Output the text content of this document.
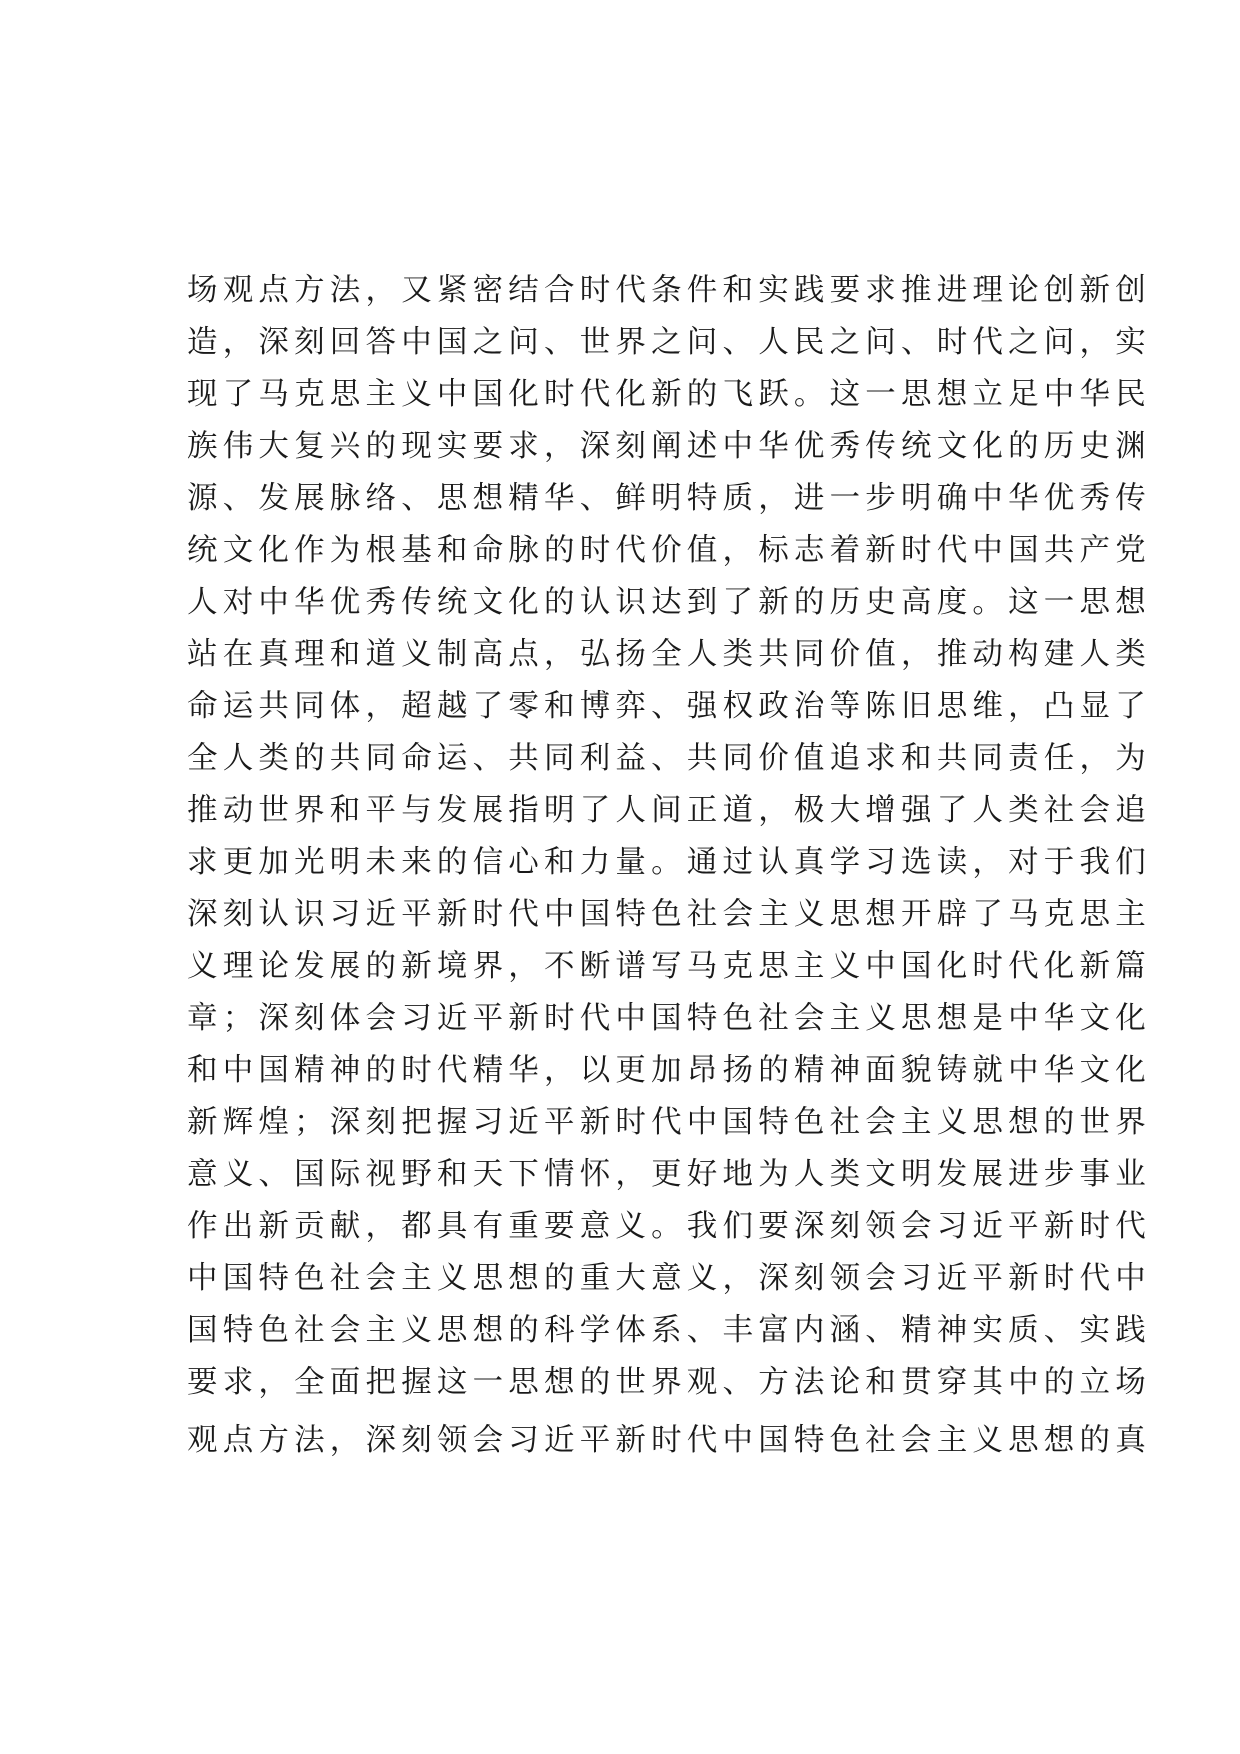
场观点方法，又紧密结合时代条件和实践要求推进理论创新创
造，深刻回答中国之问、世界之问、人民之问、时代之问，实
现了马克思主义中国化时代化新的飞跃。这一思想立足中华民
族伟大复兴的现实要求，深刻阐述中华优秀传统文化的历史渊
源、发展脉络、思想精华、鲜明特质，进一步明确中华优秀传
统文化作为根基和命脉的时代价值，标志着新时代中国共产党
人对中华优秀传统文化的认识达到了新的历史高度。这一思想
站在真理和道义制高点，弘扬全人类共同价值，推动构建人类
命运共同体，超越了零和博弈、强权政治等陈旧思维，凸显了
全人类的共同命运、共同利益、共同价值追求和共同责任，为
推动世界和平与发展指明了人间正道，极大增强了人类社会追
求更加光明未来的信心和力量。通过认真学习选读，对于我们
深刻认识习近平新时代中国特色社会主义思想开辟了马克思主
义理论发展的新境界，不断谱写马克思主义中国化时代化新篇
章；深刻体会习近平新时代中国特色社会主义思想是中华文化
和中国精神的时代精华，以更加昂扬的精神面貌铸就中华文化
新辉煌；深刻把握习近平新时代中国特色社会主义思想的世界
意义、国际视野和天下情怀，更好地为人类文明发展进步事业
作出新贡献，都具有重要意义。我们要深刻领会习近平新时代
中国特色社会主义思想的重大意义，深刻领会习近平新时代中
国特色社会主义思想的科学体系、丰富内涵、精神实质、实践
要求，全面把握这一思想的世界观、方法论和贯穿其中的立场
观点方法，深刻领会习近平新时代中国特色社会主义思想的真
